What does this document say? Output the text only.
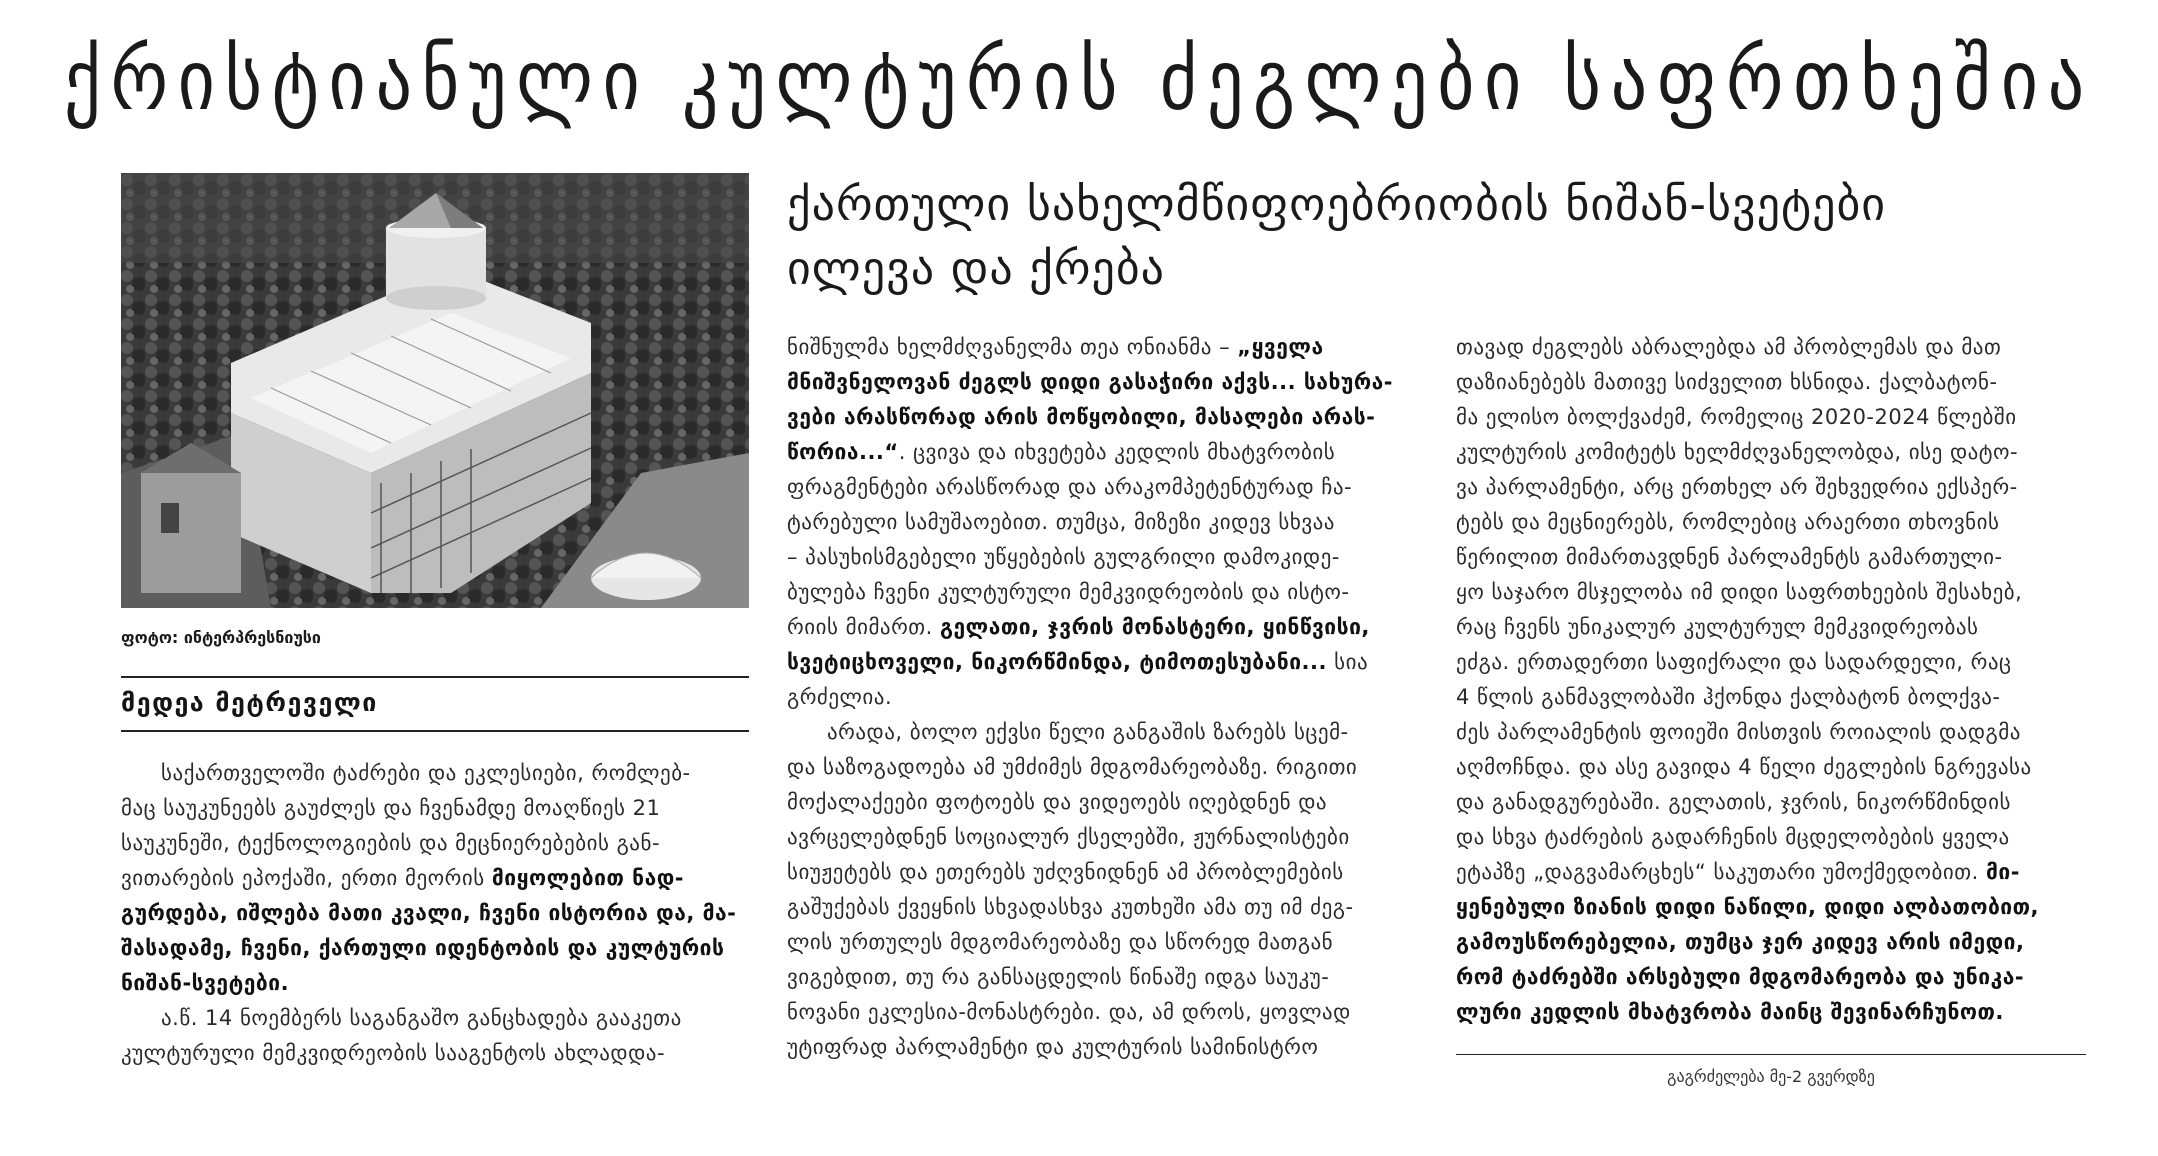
ქრისტიანული კულტურის ძეგლები საფრთხეშია
ფოტო: ინტერპრესნიუსი
მედეა მეტრეველი
ქართული სახელმწიფოებრიობის ნიშან-სვეტები
ილევა და ქრება
საქართველოში ტაძრები და ეკლესიები, რომლებ-
მაც საუკუნეებს გაუძლეს და ჩვენამდე მოაღწიეს 21
საუკუნეში, ტექნოლოგიების და მეცნიერებების გან-
ვითარების ეპოქაში, ერთი მეორის მიყოლებით ნად-
გურდება, იშლება მათი კვალი, ჩვენი ისტორია და, მა-
შასადამე, ჩვენი, ქართული იდენტობის და კულტურის
ნიშან-სვეტები.
ა.წ. 14 ნოემბერს საგანგაშო განცხადება გააკეთა
კულტურული მემკვიდრეობის სააგენტოს ახლადდა-
ნიშნულმა ხელმძღვანელმა თეა ონიანმა – „ყველა
მნიშვნელოვან ძეგლს დიდი გასაჭირი აქვს... სახურა-
ვები არასწორად არის მოწყობილი, მასალები არას-
წორია...“. ცვივა და იხვეტება კედლის მხატვრობის
ფრაგმენტები არასწორად და არაკომპეტენტურად ჩა-
ტარებული სამუშაოებით. თუმცა, მიზეზი კიდევ სხვაა
– პასუხისმგებელი უწყებების გულგრილი დამოკიდე-
ბულება ჩვენი კულტურული მემკვიდრეობის და ისტო-
რიის მიმართ. გელათი, ჯვრის მონასტერი, ყინწვისი,
სვეტიცხოველი, ნიკორწმინდა, ტიმოთესუბანი... სია
გრძელია.
არადა, ბოლო ექვსი წელი განგაშის ზარებს სცემ-
და საზოგადოება ამ უმძიმეს მდგომარეობაზე. რიგითი
მოქალაქეები ფოტოებს და ვიდეოებს იღებდნენ და
ავრცელებდნენ სოციალურ ქსელებში, ჟურნალისტები
სიუჟეტებს და ეთერებს უძღვნიდნენ ამ პრობლემების
გაშუქებას ქვეყნის სხვადასხვა კუთხეში ამა თუ იმ ძეგ-
ლის ურთულეს მდგომარეობაზე და სწორედ მათგან
ვიგებდით, თუ რა განსაცდელის წინაშე იდგა საუკუ-
ნოვანი ეკლესია-მონასტრები. და, ამ დროს, ყოვლად
უტიფრად პარლამენტი და კულტურის სამინისტრო
თავად ძეგლებს აბრალებდა ამ პრობლემას და მათ
დაზიანებებს მათივე სიძველით ხსნიდა. ქალბატონ-
მა ელისო ბოლქვაძემ, რომელიც 2020-2024 წლებში
კულტურის კომიტეტს ხელმძღვანელობდა, ისე დატო-
ვა პარლამენტი, არც ერთხელ არ შეხვედრია ექსპერ-
ტებს და მეცნიერებს, რომლებიც არაერთი თხოვნის
წერილით მიმართავდნენ პარლამენტს გამართული-
ყო საჯარო მსჯელობა იმ დიდი საფრთხეების შესახებ,
რაც ჩვენს უნიკალურ კულტურულ მემკვიდრეობას
ეძგა. ერთადერთი საფიქრალი და სადარდელი, რაც
4 წლის განმავლობაში ჰქონდა ქალბატონ ბოლქვა-
ძეს პარლამენტის ფოიეში მისთვის როიალის დადგმა
აღმოჩნდა. და ასე გავიდა 4 წელი ძეგლების ნგრევასა
და განადგურებაში. გელათის, ჯვრის, ნიკორწმინდის
და სხვა ტაძრების გადარჩენის მცდელობების ყველა
ეტაპზე „დაგვამარცხეს“ საკუთარი უმოქმედობით. მი-
ყენებული ზიანის დიდი ნაწილი, დიდი ალბათობით,
გამოუსწორებელია, თუმცა ჯერ კიდევ არის იმედი,
რომ ტაძრებში არსებული მდგომარეობა და უნიკა-
ლური კედლის მხატვრობა მაინც შევინარჩუნოთ.
გაგრძელება მე-2 გვერდზე
